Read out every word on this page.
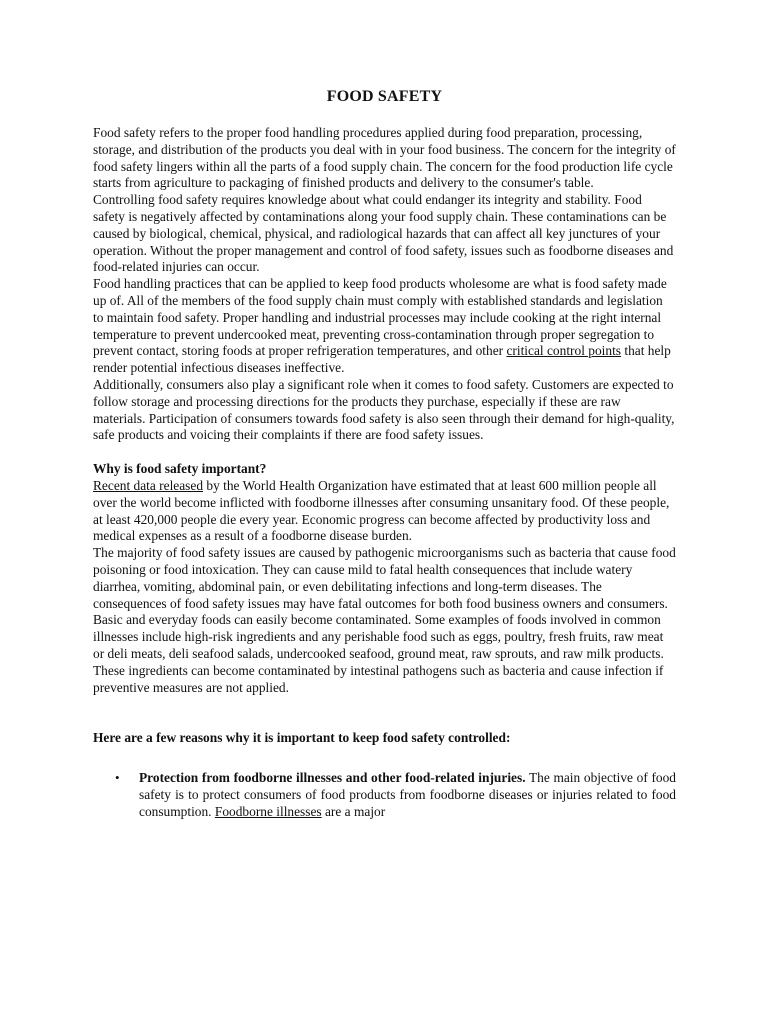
FOOD SAFETY

Food safety refers to the proper food handling procedures applied during food preparation, processing, storage, and distribution of the products you deal with in your food business. The concern for the integrity of food safety lingers within all the parts of a food supply chain. The concern for the food production life cycle starts from agriculture to packaging of finished products and delivery to the consumer's table.

Controlling food safety requires knowledge about what could endanger its integrity and stability. Food safety is negatively affected by contaminations along your food supply chain. These contaminations can be caused by biological, chemical, physical, and radiological hazards that can affect all key junctures of your operation. Without the proper management and control of food safety, issues such as foodborne diseases and food-related injuries can occur.

Food handling practices that can be applied to keep food products wholesome are what is food safety made up of. All of the members of the food supply chain must comply with established standards and legislation to maintain food safety. Proper handling and industrial processes may include cooking at the right internal temperature to prevent undercooked meat, preventing cross-contamination through proper segregation to prevent contact, storing foods at proper refrigeration temperatures, and other critical control points that help render potential infectious diseases ineffective.

Additionally, consumers also play a significant role when it comes to food safety. Customers are expected to follow storage and processing directions for the products they purchase, especially if these are raw materials. Participation of consumers towards food safety is also seen through their demand for high-quality, safe products and voicing their complaints if there are food safety issues.

Why is food safety important?

Recent data released by the World Health Organization have estimated that at least 600 million people all over the world become inflicted with foodborne illnesses after consuming unsanitary food. Of these people, at least 420,000 people die every year. Economic progress can become affected by productivity loss and medical expenses as a result of a foodborne disease burden.

The majority of food safety issues are caused by pathogenic microorganisms such as bacteria that cause food poisoning or food intoxication. They can cause mild to fatal health consequences that include watery diarrhea, vomiting, abdominal pain, or even debilitating infections and long-term diseases. The consequences of food safety issues may have fatal outcomes for both food business owners and consumers.

Basic and everyday foods can easily become contaminated. Some examples of foods involved in common illnesses include high-risk ingredients and any perishable food such as eggs, poultry, fresh fruits, raw meat or deli meats, deli seafood salads, undercooked seafood, ground meat, raw sprouts, and raw milk products. These ingredients can become contaminated by intestinal pathogens such as bacteria and cause infection if preventive measures are not applied.

Here are a few reasons why it is important to keep food safety controlled:

• Protection from foodborne illnesses and other food-related injuries. The main objective of food safety is to protect consumers of food products from foodborne diseases or injuries related to food consumption. Foodborne illnesses are a major
